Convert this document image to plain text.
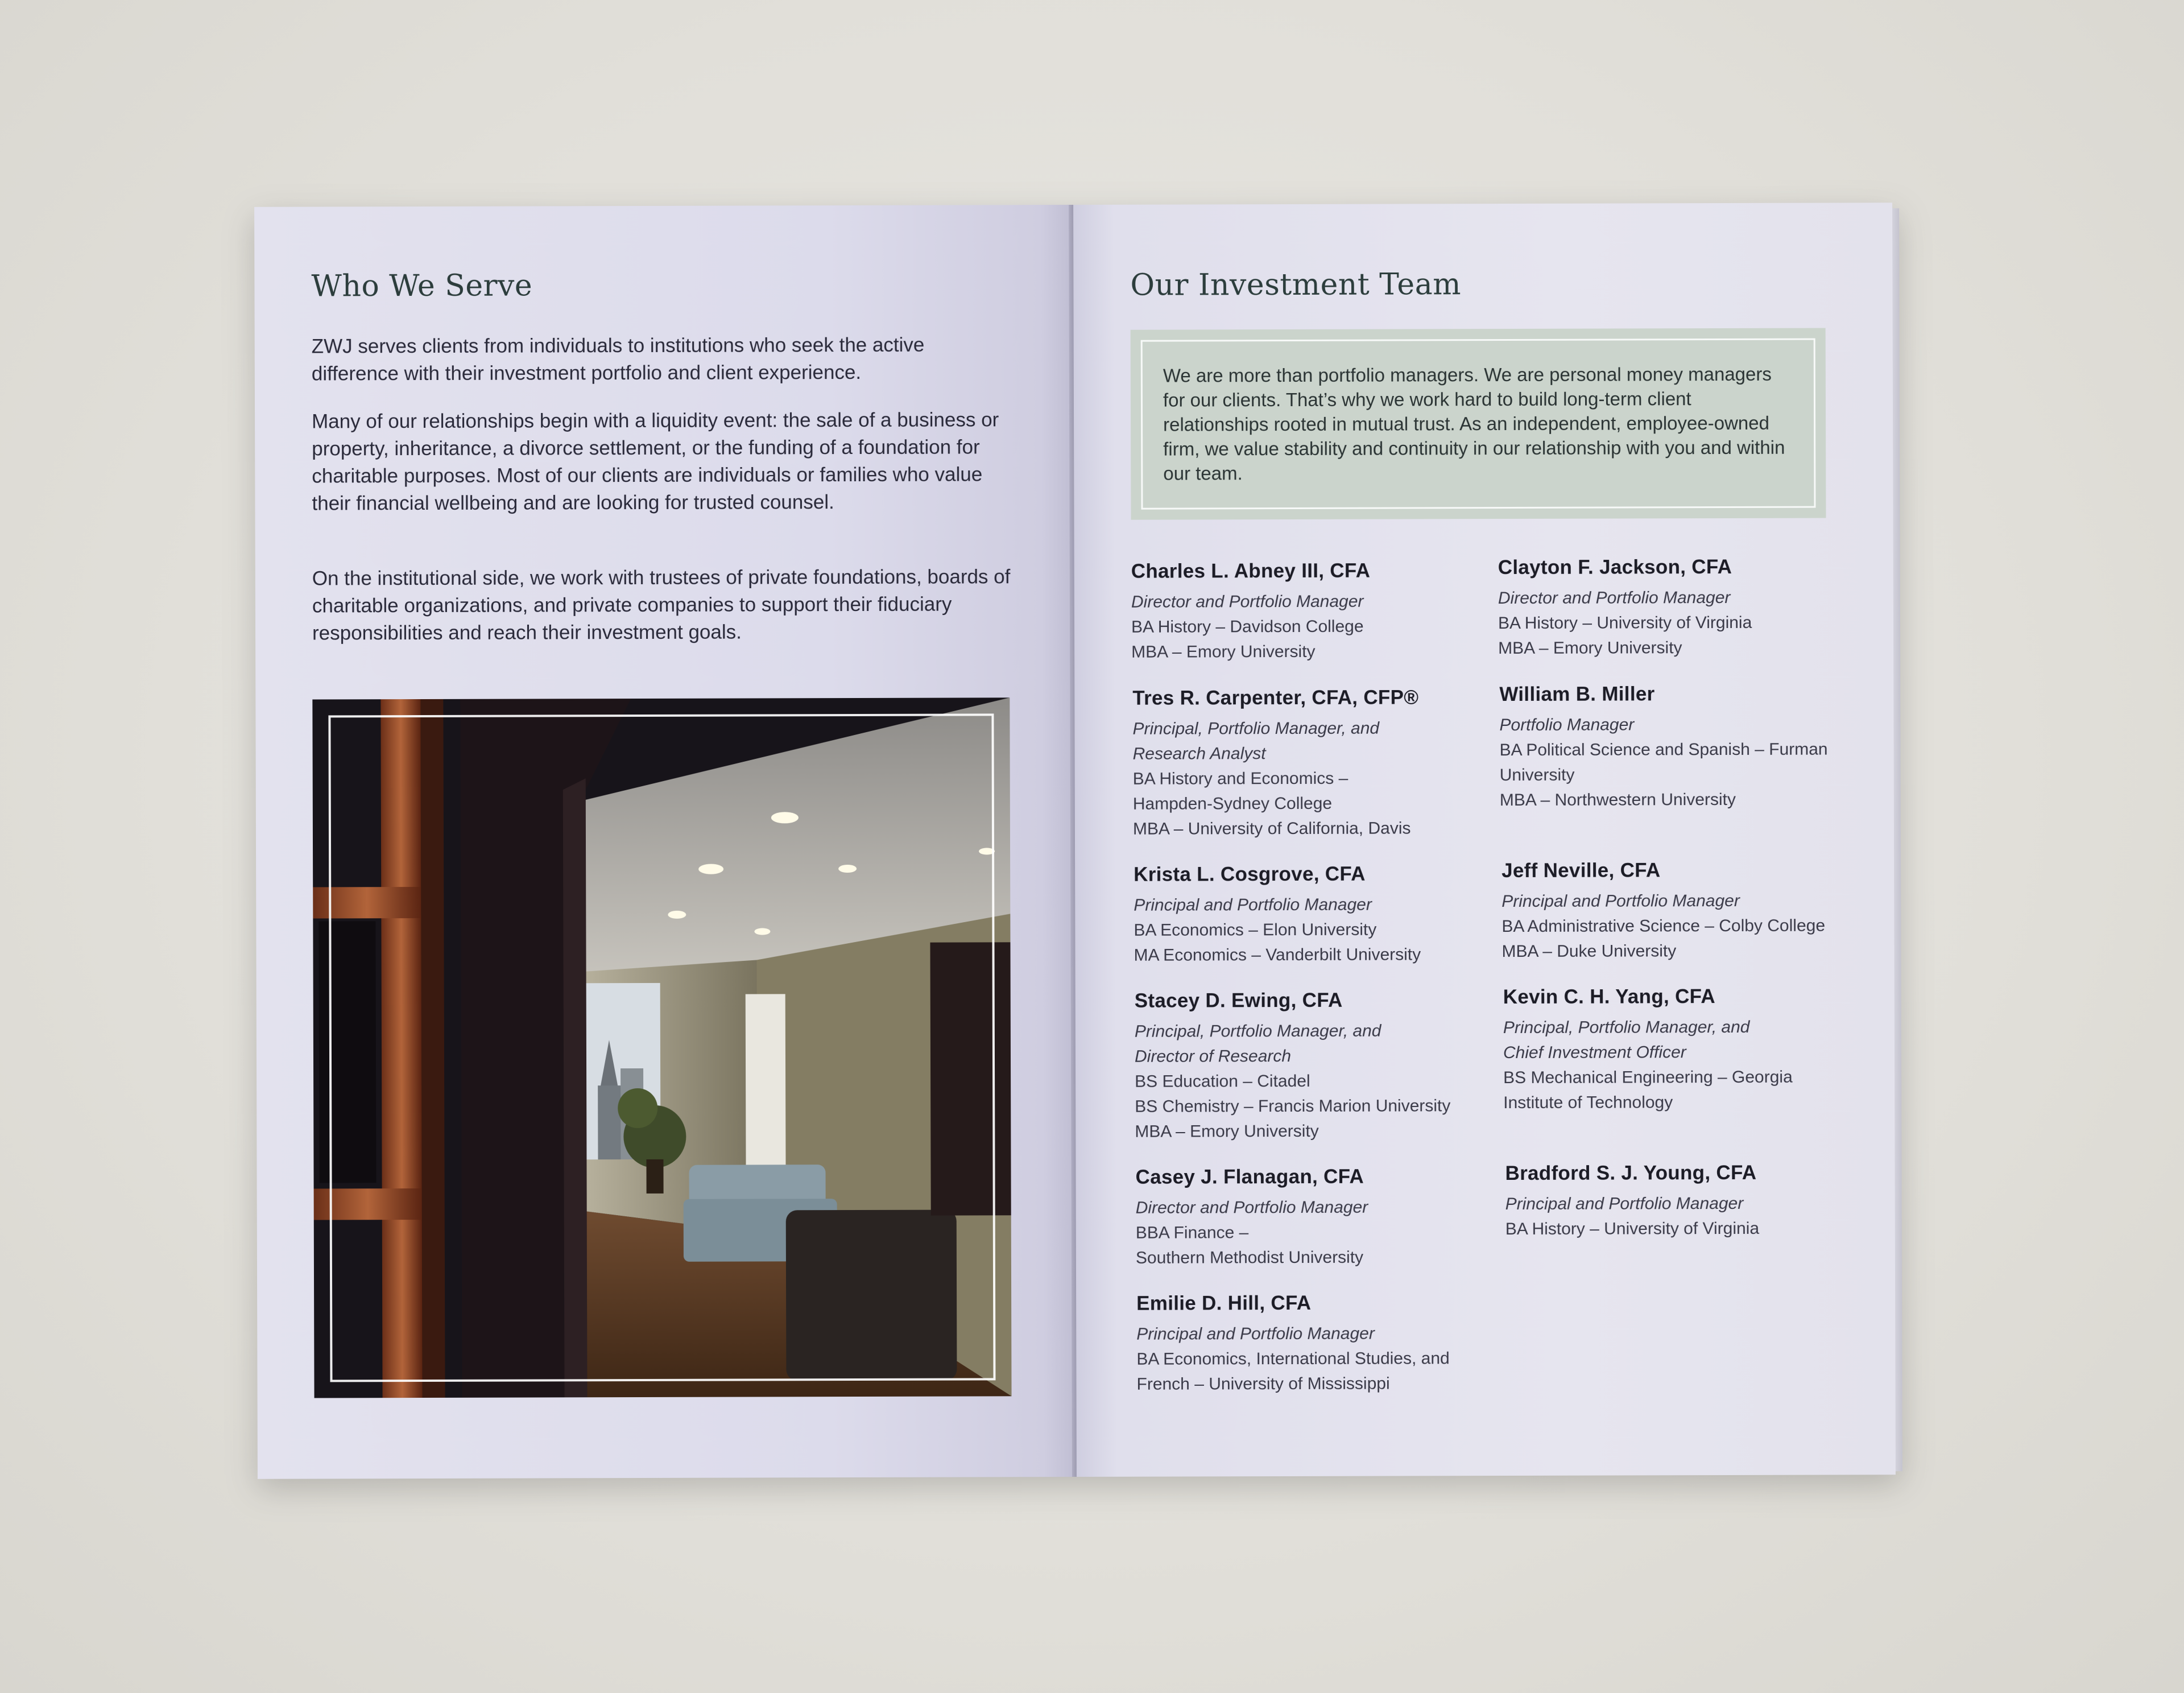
Who We Serve

ZWJ serves clients from individuals to institutions who seek the active difference with their investment portfolio and client experience.

Many of our relationships begin with a liquidity event: the sale of a business or property, inheritance, a divorce settlement, or the funding of a foundation for charitable purposes. Most of our clients are individuals or families who value their financial wellbeing and are looking for trusted counsel.

On the institutional side, we work with trustees of private foundations, boards of charitable organizations, and private companies to support their fiduciary responsibilities and reach their investment goals.

Our Investment Team
We are more than portfolio managers. We are personal money managers for our clients. That’s why we work hard to build long-term client relationships rooted in mutual trust. As an independent, employee-owned firm, we value stability and continuity in our relationship with you and within our team.
Charles L. Abney III, CFA
Director and Portfolio Manager
BA History – Davidson College
MBA – Emory University
Clayton F. Jackson, CFA
Director and Portfolio Manager
BA History – University of Virginia
MBA – Emory University
Tres R. Carpenter, CFA, CFP®
Principal, Portfolio Manager, and
Research Analyst
BA History and Economics –
Hampden-Sydney College
MBA – University of California, Davis
William B. Miller
Portfolio Manager
BA Political Science and Spanish – Furman
University
MBA – Northwestern University
Krista L. Cosgrove, CFA
Principal and Portfolio Manager
BA Economics – Elon University
MA Economics – Vanderbilt University
Jeff Neville, CFA
Principal and Portfolio Manager
BA Administrative Science – Colby College
MBA – Duke University
Stacey D. Ewing, CFA
Principal, Portfolio Manager, and
Director of Research
BS Education – Citadel
BS Chemistry – Francis Marion University
MBA – Emory University
Kevin C. H. Yang, CFA
Principal, Portfolio Manager, and
Chief Investment Officer
BS Mechanical Engineering – Georgia
Institute of Technology
Casey J. Flanagan, CFA
Director and Portfolio Manager
BBA Finance –
Southern Methodist University
Bradford S. J. Young, CFA
Principal and Portfolio Manager
BA History – University of Virginia
Emilie D. Hill, CFA
Principal and Portfolio Manager
BA Economics, International Studies, and
French – University of Mississippi
